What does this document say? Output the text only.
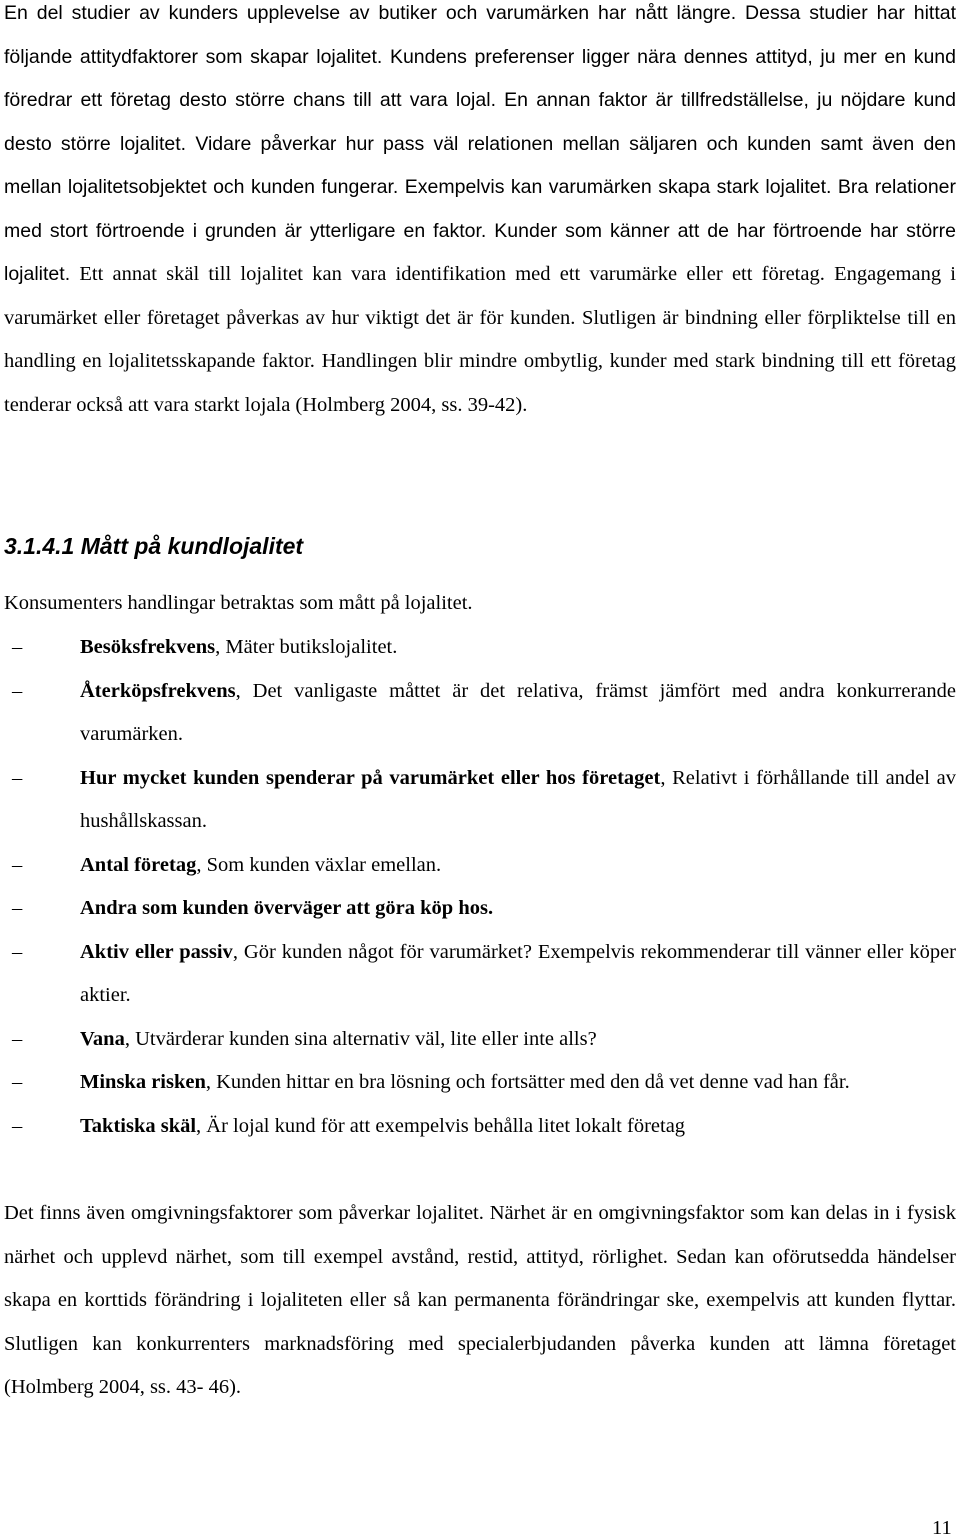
En del studier av kunders upplevelse av butiker och varumärken har nått längre. Dessa studier har hittat följande attitydfaktorer som skapar lojalitet. Kundens preferenser ligger nära dennes attityd, ju mer en kund föredrar ett företag desto större chans till att vara lojal. En annan faktor är tillfredställelse, ju nöjdare kund desto större lojalitet. Vidare påverkar hur pass väl relationen mellan säljaren och kunden samt även den mellan lojalitetsobjektet och kunden fungerar. Exempelvis kan varumärken skapa stark lojalitet. Bra relationer med stort förtroende i grunden är ytterligare en faktor. Kunder som känner att de har förtroende har större lojalitet. Ett annat skäl till lojalitet kan vara identifikation med ett varumärke eller ett företag. Engagemang i varumärket eller företaget påverkas av hur viktigt det är för kunden. Slutligen är bindning eller förpliktelse till en handling en lojalitetsskapande faktor. Handlingen blir mindre ombytlig, kunder med stark bindning till ett företag tenderar också att vara starkt lojala (Holmberg 2004, ss. 39-42).

3.1.4.1 Mått på kundlojalitet

Konsumenters handlingar betraktas som mått på lojalitet.

–	Besöksfrekvens, Mäter butikslojalitet.
–	Återköpsfrekvens, Det vanligaste måttet är det relativa, främst jämfört med andra konkurrerande varumärken.
–	Hur mycket kunden spenderar på varumärket eller hos företaget, Relativt i förhållande till andel av hushållskassan.
–	Antal företag, Som kunden växlar emellan.
–	Andra som kunden överväger att göra köp hos.
–	Aktiv eller passiv, Gör kunden något för varumärket? Exempelvis rekommenderar till vänner eller köper aktier.
–	Vana, Utvärderar kunden sina alternativ väl, lite eller inte alls?
–	Minska risken, Kunden hittar en bra lösning och fortsätter med den då vet denne vad han får.
–	Taktiska skäl, Är lojal kund för att exempelvis behålla litet lokalt företag

Det finns även omgivningsfaktorer som påverkar lojalitet. Närhet är en omgivningsfaktor som kan delas in i fysisk närhet och upplevd närhet, som till exempel avstånd, restid, attityd, rörlighet. Sedan kan oförutsedda händelser skapa en korttids förändring i lojaliteten eller så kan permanenta förändringar ske, exempelvis att kunden flyttar. Slutligen kan konkurrenters marknadsföring med specialerbjudanden påverka kunden att lämna företaget (Holmberg 2004, ss. 43- 46).

11
